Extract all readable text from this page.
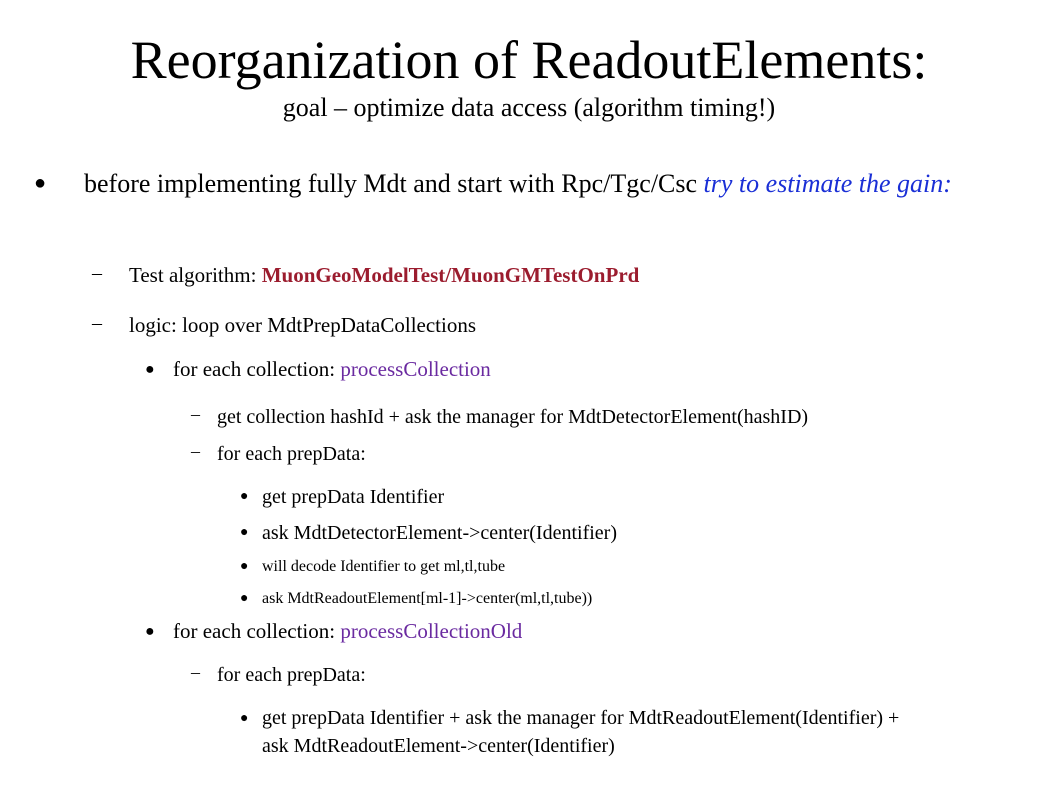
Reorganization of ReadoutElements:
goal – optimize data access (algorithm timing!)
● before implementing fully Mdt and start with Rpc/Tgc/Csc try to estimate the gain:
– Test algorithm: MuonGeoModelTest/MuonGMTestOnPrd
– logic: loop over MdtPrepDataCollections
● for each collection: processCollection
– get collection hashId + ask the manager for MdtDetectorElement(hashID)
– for each prepData:
● get prepData Identifier
● ask MdtDetectorElement->center(Identifier)
● will decode Identifier to get ml,tl,tube
● ask MdtReadoutElement[ml-1]->center(ml,tl,tube))
● for each collection: processCollectionOld
– for each prepData:
● get prepData Identifier + ask the manager for MdtReadoutElement(Identifier) + ask MdtReadoutElement->center(Identifier)
